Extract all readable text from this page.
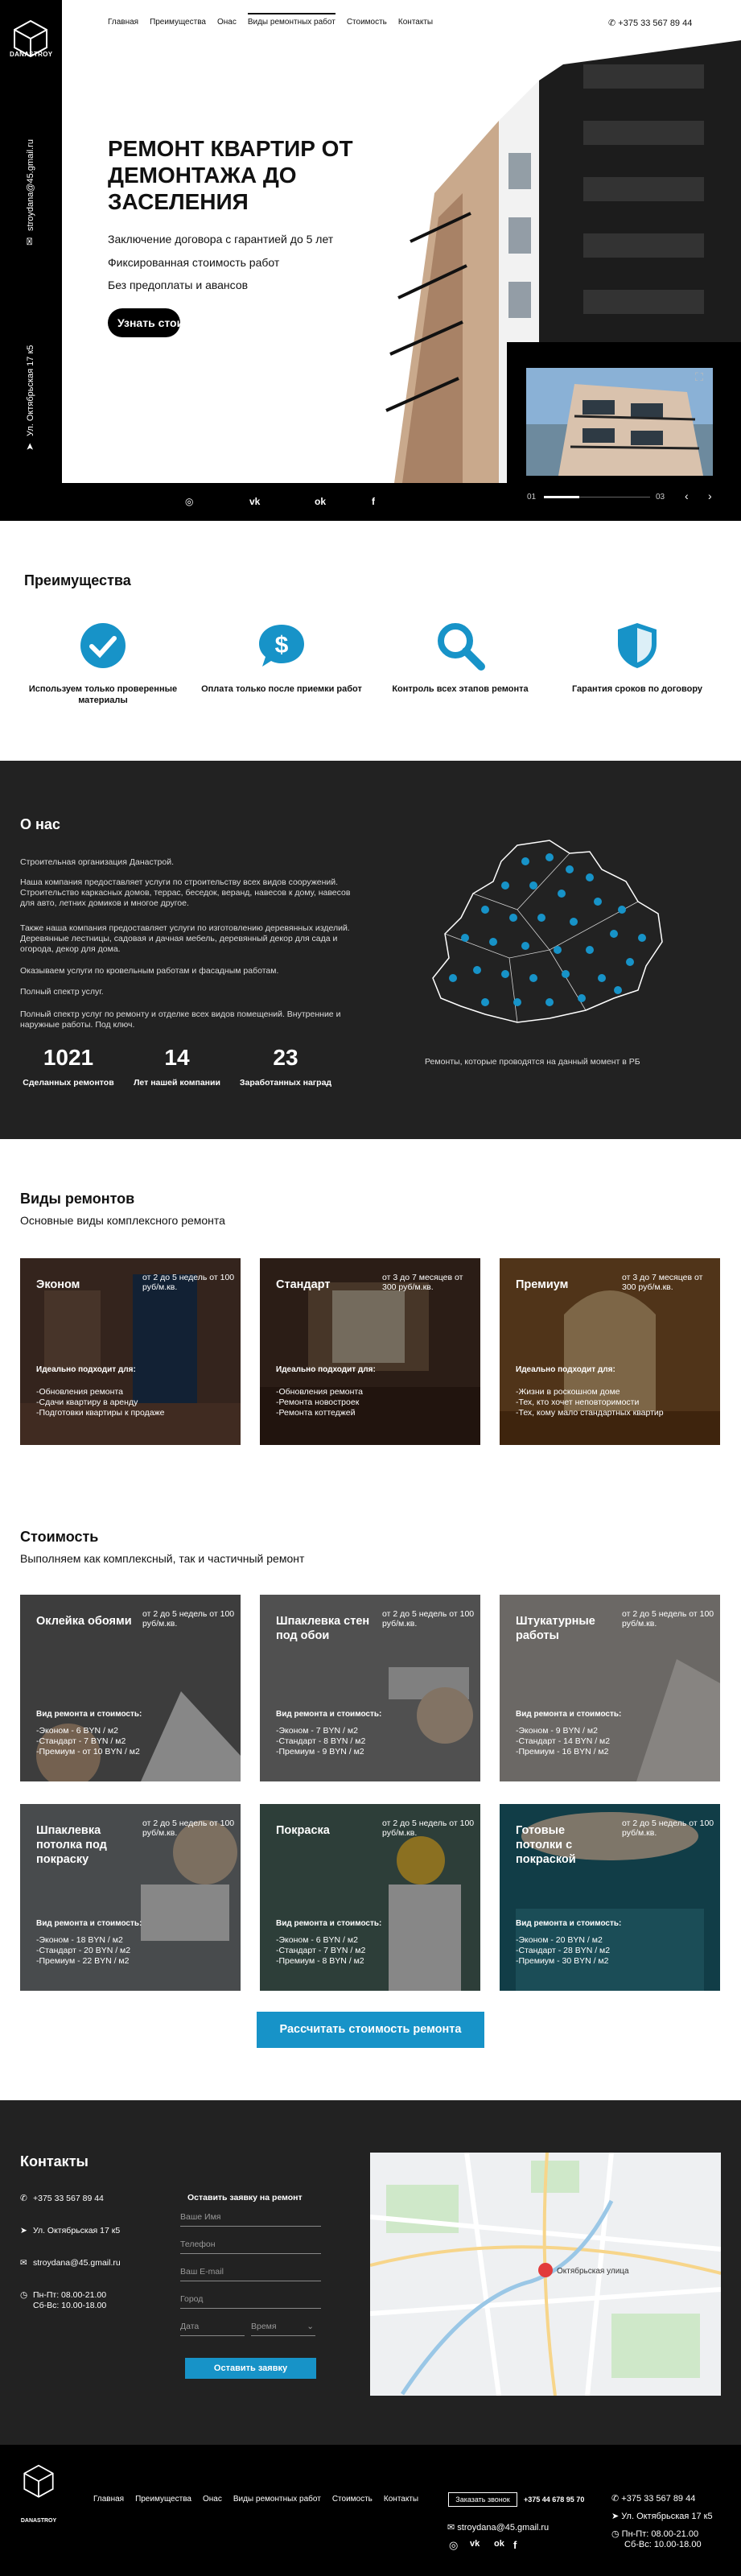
DANASTROY
✉stroydana@45.gmail.ru
➤Ул. Октябрьская 17 к5
Главная Преимущества Онас Виды ремонтных работ Стоимость Контакты	✆ +375 33 567 89 44
РЕМОНТ КВАРТИР ОТ ДЕМОНТАЖА ДО ЗАСЕЛЕНИЯ
Заключение договора с гарантией до 5 лет
Фиксированная стоимость работ
Без предоплаты и авансов
Узнать стоимость ⟶
⛶
◎	vk	ok	f	01	03 ‹ ›
Преимущества
Используем только проверенные материалы
$
Оплата только после приемки работ	Контроль всех этапов ремонта	Гарантия сроков по договору
О нас

Строительная организация Данастрой.

Наша компания предоставляет услуги по строительству всех видов сооружений. Строительство каркасных домов, террас, беседок, веранд, навесов к дому, навесов для авто, летних домиков и многое другое.

Также наша компания предоставляет услуги по изготовлению деревянных изделий. Деревянные лестницы, садовая и дачная мебель, деревянный декор для сада и огорода, декор для дома.

Оказываем услуги по кровельным работам и фасадным работам.

Полный спектр услуг.

Полный спектр услуг по ремонту и отделке всех видов помещений. Внутренние и наружные работы. Под ключ.

1021
Сделанных ремонтов
14
Лет нашей компании
23
Заработанных наград
Ремонты, которые проводятся на данный момент в РБ
Виды ремонтов
Основные виды комплексного ремонта
Эконом
от 2 до 5 недель от 100 руб/м.кв.
Идеально подходит для:
-Обновления ремонта
-Сдачи квартиру в аренду
-Подготовки квартиры к продаже
Стандарт
от 3 до 7 месяцев от 300 руб/м.кв.
Идеально подходит для:
-Обновления ремонта
-Ремонта новостроек
-Ремонта коттеджей
Премиум
от 3 до 7 месяцев от 300 руб/м.кв.
Идеально подходит для:
-Жизни в роскошном доме
-Тех, кто хочет неповторимости
-Тех, кому мало стандартных квартир
Стоимость
Выполняем как комплексный, так и частичный ремонт
Оклейка обоями
от 2 до 5 недель от 100 руб/м.кв.
Вид ремонта и стоимость:
-Эконом - 6 BYN / м2
-Стандарт - 7 BYN / м2
-Премиум - от 10 BYN / м2
Шпаклевка стен под обои
от 2 до 5 недель от 100 руб/м.кв.
Вид ремонта и стоимость:
-Эконом - 7 BYN / м2
-Стандарт - 8 BYN / м2
-Премиум - 9 BYN / м2
Штукатурные работы
от 2 до 5 недель от 100 руб/м.кв.
Вид ремонта и стоимость:
-Эконом - 9 BYN / м2
-Стандарт - 14 BYN / м2
-Премиум - 16 BYN / м2
Шпаклевка потолка под покраску
от 2 до 5 недель от 100 руб/м.кв.
Вид ремонта и стоимость:
-Эконом - 18 BYN / м2
-Стандарт - 20 BYN / м2
-Премиум - 22 BYN / м2
Покраска
от 2 до 5 недель от 100 руб/м.кв.
Вид ремонта и стоимость:
-Эконом - 6 BYN / м2
-Стандарт - 7 BYN / м2
-Премиум - 8 BYN / м2
Готовые потолки с покраской
от 2 до 5 недель от 100 руб/м.кв.
Вид ремонта и стоимость:
-Эконом - 20 BYN / м2
-Стандарт - 28 BYN / м2
-Премиум - 30 BYN / м2
Рассчитать стоимость ремонта
Контакты
✆ +375 33 567 89 44
➤ Ул. Октябрьская 17 к5
✉ stroydana@45.gmail.ru
◷ Пн-Пт: 08.00-21.00
Сб-Вс: 10.00-18.00
Оставить заявку на ремонт
Ваше Имя
Телефон
Ваш E-mail
Город
Дата	Время	⌄
Оставить заявку
Октябрьская улица
DANASTROY
Главная Преимущества Онас Виды ремонтных работ Стоимость Контакты	Заказать звонок	+375 44 678 95 70
✉ stroydana@45.gmail.ru
◎ vk ok f
✆ +375 33 567 89 44
➤ Ул. Октябрьская 17 к5
◷ Пн-Пт: 08.00-21.00
Сб-Вс: 10.00-18.00
